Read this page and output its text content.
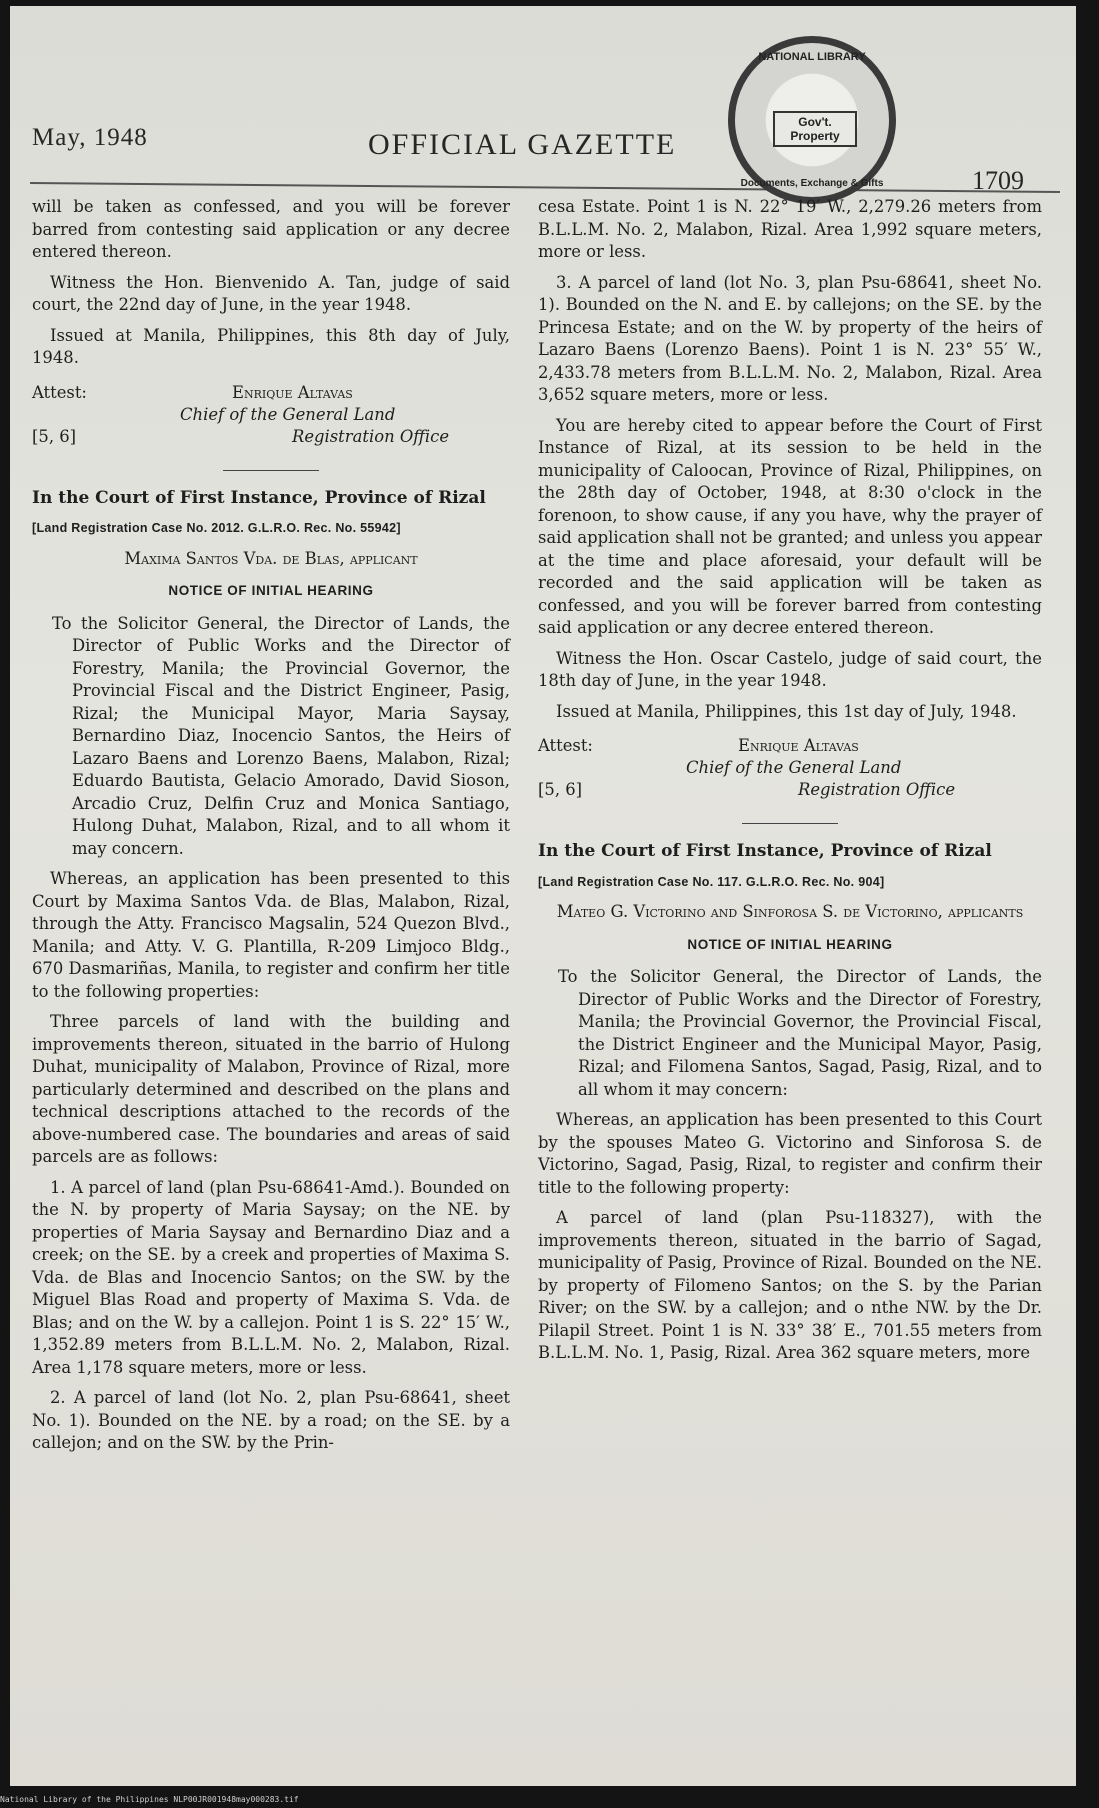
May, 1948	OFFICIAL GAZETTE
1709
NATIONAL LIBRARY
Gov't. Property
Documents, Exchange & Gifts

will be taken as confessed, and you will be forever barred from contesting said application or any decree entered thereon.

Witness the Hon. Bienvenido A. Tan, judge of said court, the 22nd day of June, in the year 1948.

Issued at Manila, Philippines, this 8th day of July, 1948.

Attest:	Enrique Altavas
Chief of the General Land
[5, 6]	Registration Office

In the Court of First Instance, Province of Rizal

[Land Registration Case No. 2012. G.L.R.O. Rec. No. 55942]

Maxima Santos Vda. de Blas, applicant

NOTICE OF INITIAL HEARING

To the Solicitor General, the Director of Lands, the Director of Public Works and the Director of Forestry, Manila; the Provincial Governor, the Provincial Fiscal and the District Engineer, Pasig, Rizal; the Municipal Mayor, Maria Saysay, Bernardino Diaz, Inocencio Santos, the Heirs of Lazaro Baens and Lorenzo Baens, Malabon, Rizal; Eduardo Bautista, Gelacio Amorado, David Sioson, Arcadio Cruz, Delfin Cruz and Monica Santiago, Hulong Duhat, Malabon, Rizal, and to all whom it may concern.

Whereas, an application has been presented to this Court by Maxima Santos Vda. de Blas, Malabon, Rizal, through the Atty. Francisco Magsalin, 524 Quezon Blvd., Manila; and Atty. V. G. Plantilla, R-209 Limjoco Bldg., 670 Dasmariñas, Manila, to register and confirm her title to the following properties:

Three parcels of land with the building and improvements thereon, situated in the barrio of Hulong Duhat, municipality of Malabon, Province of Rizal, more particularly determined and described on the plans and technical descriptions attached to the records of the above-numbered case. The boundaries and areas of said parcels are as follows:

1. A parcel of land (plan Psu-68641-Amd.). Bounded on the N. by property of Maria Saysay; on the NE. by properties of Maria Saysay and Bernardino Diaz and a creek; on the SE. by a creek and properties of Maxima S. Vda. de Blas and Inocencio Santos; on the SW. by the Miguel Blas Road and property of Maxima S. Vda. de Blas; and on the W. by a callejon. Point 1 is S. 22° 15′ W., 1,352.89 meters from B.L.L.M. No. 2, Malabon, Rizal. Area 1,178 square meters, more or less.

2. A parcel of land (lot No. 2, plan Psu-68641, sheet No. 1). Bounded on the NE. by a road; on the SE. by a callejon; and on the SW. by the Prin-

cesa Estate. Point 1 is N. 22° 19′ W., 2,279.26 meters from B.L.L.M. No. 2, Malabon, Rizal. Area 1,992 square meters, more or less.

3. A parcel of land (lot No. 3, plan Psu-68641, sheet No. 1). Bounded on the N. and E. by callejons; on the SE. by the Princesa Estate; and on the W. by property of the heirs of Lazaro Baens (Lorenzo Baens). Point 1 is N. 23° 55′ W., 2,433.78 meters from B.L.L.M. No. 2, Malabon, Rizal. Area 3,652 square meters, more or less.

You are hereby cited to appear before the Court of First Instance of Rizal, at its session to be held in the municipality of Caloocan, Province of Rizal, Philippines, on the 28th day of October, 1948, at 8:30 o'clock in the forenoon, to show cause, if any you have, why the prayer of said application shall not be granted; and unless you appear at the time and place aforesaid, your default will be recorded and the said application will be taken as confessed, and you will be forever barred from contesting said application or any decree entered thereon.

Witness the Hon. Oscar Castelo, judge of said court, the 18th day of June, in the year 1948.

Issued at Manila, Philippines, this 1st day of July, 1948.

Attest:	Enrique Altavas
Chief of the General Land
[5, 6]	Registration Office

In the Court of First Instance, Province of Rizal

[Land Registration Case No. 117. G.L.R.O. Rec. No. 904]

Mateo G. Victorino and Sinforosa S. de Victorino, applicants

NOTICE OF INITIAL HEARING

To the Solicitor General, the Director of Lands, the Director of Public Works and the Director of Forestry, Manila; the Provincial Governor, the Provincial Fiscal, the District Engineer and the Municipal Mayor, Pasig, Rizal; and Filomena Santos, Sagad, Pasig, Rizal, and to all whom it may concern:

Whereas, an application has been presented to this Court by the spouses Mateo G. Victorino and Sinforosa S. de Victorino, Sagad, Pasig, Rizal, to register and confirm their title to the following property:

A parcel of land (plan Psu-118327), with the improvements thereon, situated in the barrio of Sagad, municipality of Pasig, Province of Rizal. Bounded on the NE. by property of Filomeno Santos; on the S. by the Parian River; on the SW. by a callejon; and o nthe NW. by the Dr. Pilapil Street. Point 1 is N. 33° 38′ E., 701.55 meters from B.L.L.M. No. 1, Pasig, Rizal. Area 362 square meters, more

National Library of the Philippines NLP00JR001948may000283.tif
